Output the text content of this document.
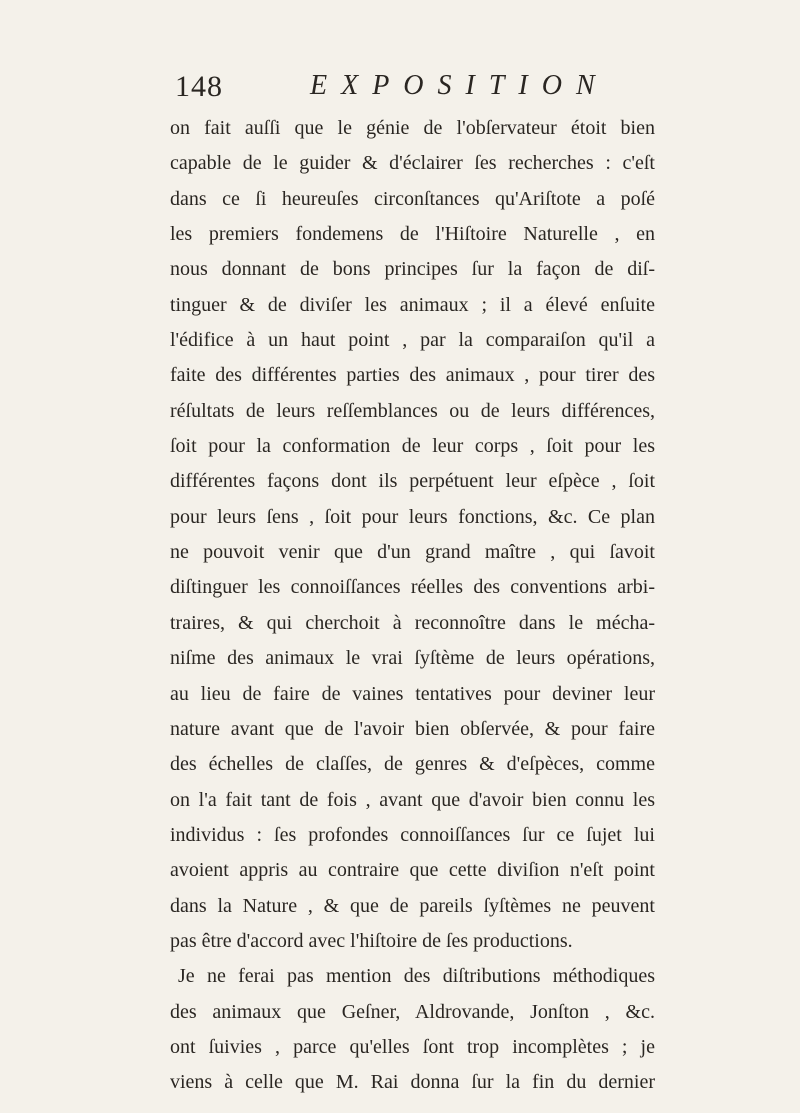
148	EXPOSITION
on fait auſſi que le génie de l'obſervateur étoit bien
capable de le guider & d'éclairer ſes recherches : c'eſt
dans ce ſi heureuſes circonſtances qu'Ariſtote a poſé
les premiers fondemens de l'Hiſtoire Naturelle , en
nous donnant de bons principes ſur la façon de diſ-
tinguer & de diviſer les animaux ; il a élevé enſuite
l'édifice à un haut point , par la comparaiſon qu'il a
faite des différentes parties des animaux , pour tirer des
réſultats de leurs reſſemblances ou de leurs différences,
ſoit pour la conformation de leur corps , ſoit pour les
différentes façons dont ils perpétuent leur eſpèce , ſoit
pour leurs ſens , ſoit pour leurs fonctions, &c. Ce plan
ne pouvoit venir que d'un grand maître , qui ſavoit
diſtinguer les connoiſſances réelles des conventions arbi-
traires, & qui cherchoit à reconnoître dans le mécha-
niſme des animaux le vrai ſyſtème de leurs opérations,
au lieu de faire de vaines tentatives pour deviner leur
nature avant que de l'avoir bien obſervée, & pour faire
des échelles de claſſes, de genres & d'eſpèces, comme
on l'a fait tant de fois , avant que d'avoir bien connu les
individus : ſes profondes connoiſſances ſur ce ſujet lui
avoient appris au contraire que cette diviſion n'eſt point
dans la Nature , & que de pareils ſyſtèmes ne peuvent
pas être d'accord avec l'hiſtoire de ſes productions.
Je ne ferai pas mention des diſtributions méthodiques
des animaux que Geſner, Aldrovande, Jonſton , &c.
ont ſuivies , parce qu'elles ſont trop incomplètes ; je
viens à celle que M. Rai donna ſur la fin du dernier
